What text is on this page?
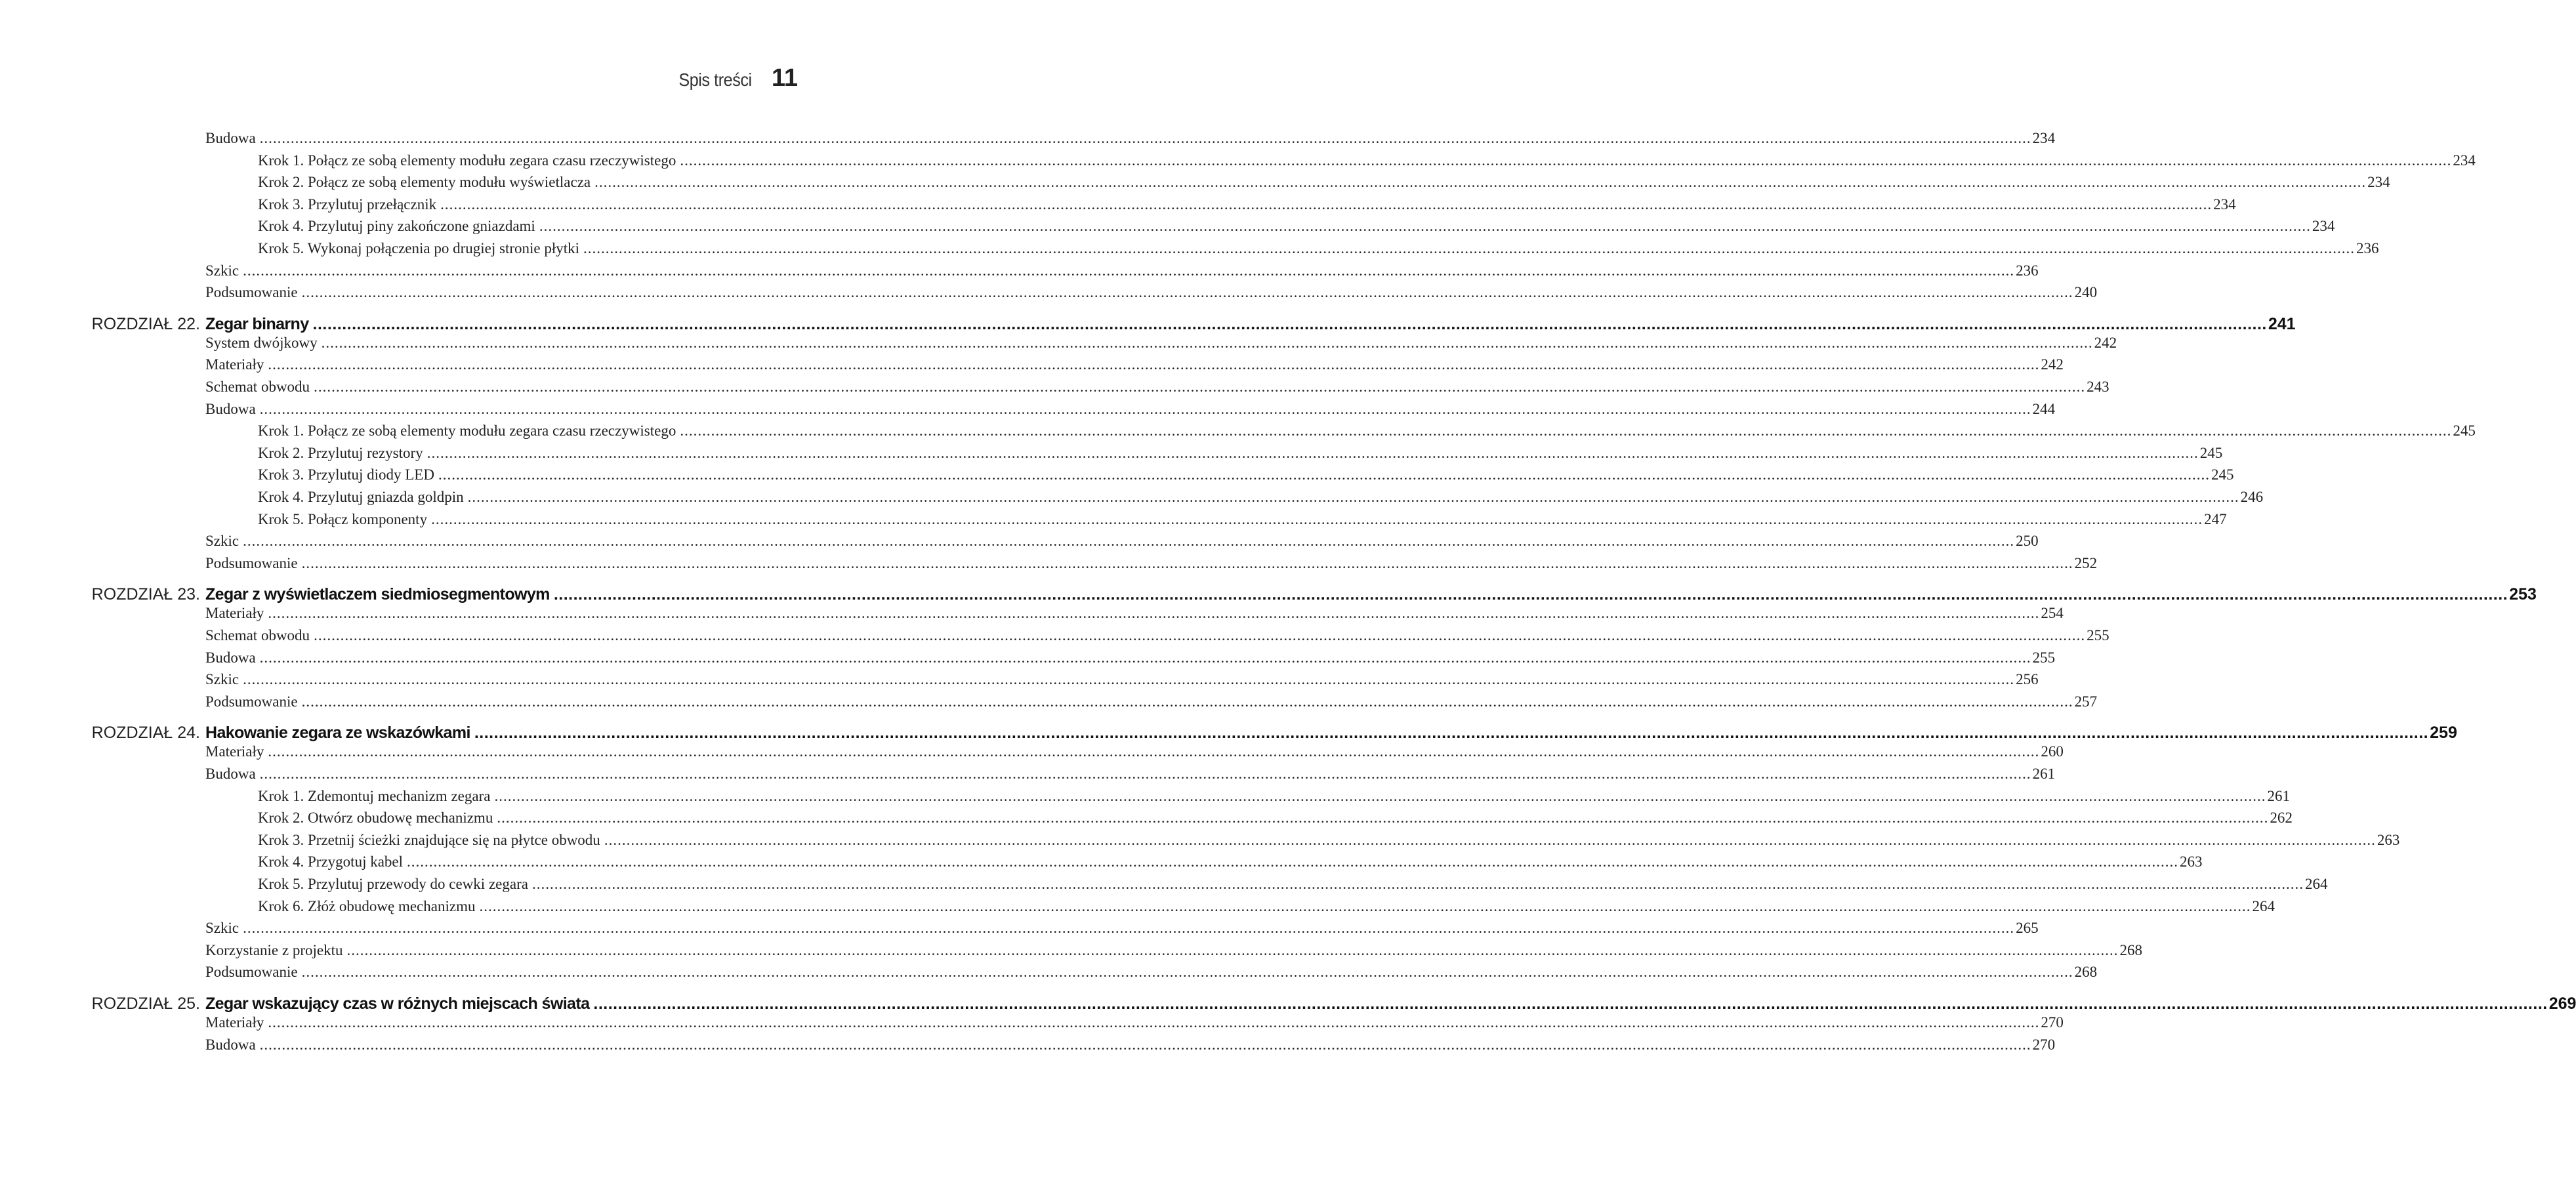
Spis treści 11
Budowa ................................................................................................................................................................................................................................................................................................................................................................................................................ 234
Krok 1. Połącz ze sobą elementy modułu zegara czasu rzeczywistego ................................................................................................................................................................................................................................................................................................................................................................................................................ 234
Krok 2. Połącz ze sobą elementy modułu wyświetlacza ................................................................................................................................................................................................................................................................................................................................................................................................................ 234
Krok 3. Przylutuj przełącznik ................................................................................................................................................................................................................................................................................................................................................................................................................ 234
Krok 4. Przylutuj piny zakończone gniazdami ................................................................................................................................................................................................................................................................................................................................................................................................................ 234
Krok 5. Wykonaj połączenia po drugiej stronie płytki ................................................................................................................................................................................................................................................................................................................................................................................................................ 236
Szkic ................................................................................................................................................................................................................................................................................................................................................................................................................ 236
Podsumowanie ................................................................................................................................................................................................................................................................................................................................................................................................................ 240
ROZDZIAŁ 22. Zegar binarny ................................................................................................................................................................................................................................................................................................................................................................................................................ 241
System dwójkowy ................................................................................................................................................................................................................................................................................................................................................................................................................ 242
Materiały ................................................................................................................................................................................................................................................................................................................................................................................................................ 242
Schemat obwodu ................................................................................................................................................................................................................................................................................................................................................................................................................ 243
Budowa ................................................................................................................................................................................................................................................................................................................................................................................................................ 244
Krok 1. Połącz ze sobą elementy modułu zegara czasu rzeczywistego ................................................................................................................................................................................................................................................................................................................................................................................................................ 245
Krok 2. Przylutuj rezystory ................................................................................................................................................................................................................................................................................................................................................................................................................ 245
Krok 3. Przylutuj diody LED ................................................................................................................................................................................................................................................................................................................................................................................................................ 245
Krok 4. Przylutuj gniazda goldpin ................................................................................................................................................................................................................................................................................................................................................................................................................ 246
Krok 5. Połącz komponenty ................................................................................................................................................................................................................................................................................................................................................................................................................ 247
Szkic ................................................................................................................................................................................................................................................................................................................................................................................................................ 250
Podsumowanie ................................................................................................................................................................................................................................................................................................................................................................................................................ 252
ROZDZIAŁ 23. Zegar z wyświetlaczem siedmiosegmentowym ................................................................................................................................................................................................................................................................................................................................................................................................................ 253
Materiały ................................................................................................................................................................................................................................................................................................................................................................................................................ 254
Schemat obwodu ................................................................................................................................................................................................................................................................................................................................................................................................................ 255
Budowa ................................................................................................................................................................................................................................................................................................................................................................................................................ 255
Szkic ................................................................................................................................................................................................................................................................................................................................................................................................................ 256
Podsumowanie ................................................................................................................................................................................................................................................................................................................................................................................................................ 257
ROZDZIAŁ 24. Hakowanie zegara ze wskazówkami ................................................................................................................................................................................................................................................................................................................................................................................................................ 259
Materiały ................................................................................................................................................................................................................................................................................................................................................................................................................ 260
Budowa ................................................................................................................................................................................................................................................................................................................................................................................................................ 261
Krok 1. Zdemontuj mechanizm zegara ................................................................................................................................................................................................................................................................................................................................................................................................................ 261
Krok 2. Otwórz obudowę mechanizmu ................................................................................................................................................................................................................................................................................................................................................................................................................ 262
Krok 3. Przetnij ścieżki znajdujące się na płytce obwodu ................................................................................................................................................................................................................................................................................................................................................................................................................ 263
Krok 4. Przygotuj kabel ................................................................................................................................................................................................................................................................................................................................................................................................................ 263
Krok 5. Przylutuj przewody do cewki zegara ................................................................................................................................................................................................................................................................................................................................................................................................................ 264
Krok 6. Złóż obudowę mechanizmu ................................................................................................................................................................................................................................................................................................................................................................................................................ 264
Szkic ................................................................................................................................................................................................................................................................................................................................................................................................................ 265
Korzystanie z projektu ................................................................................................................................................................................................................................................................................................................................................................................................................ 268
Podsumowanie ................................................................................................................................................................................................................................................................................................................................................................................................................ 268
ROZDZIAŁ 25. Zegar wskazujący czas w różnych miejscach świata ................................................................................................................................................................................................................................................................................................................................................................................................................ 269
Materiały ................................................................................................................................................................................................................................................................................................................................................................................................................ 270
Budowa ................................................................................................................................................................................................................................................................................................................................................................................................................ 270
